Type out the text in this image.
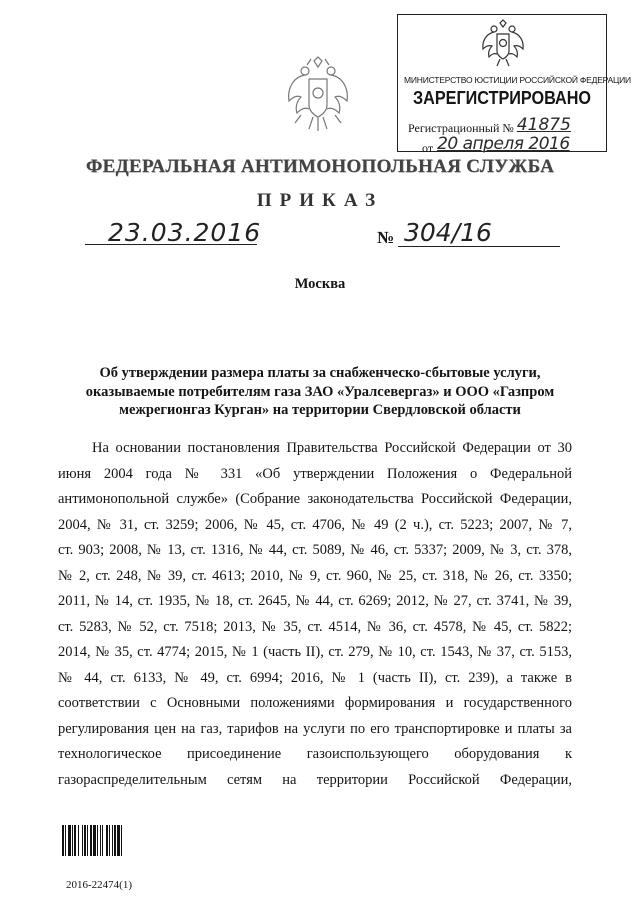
МИНИСТЕРСТВО ЮСТИЦИИ РОССИЙСКОЙ ФЕДЕРАЦИИ
ЗАРЕГИСТРИРОВАНО
Регистрационный № 41875
от 20 апреля 2016
ФЕДЕРАЛЬНАЯ АНТИМОНОПОЛЬНАЯ СЛУЖБА
ПРИКАЗ
23.03.2016	№ 304/16
Москва
Об утверждении размера платы за снабженческо-сбытовые услуги,
оказываемые потребителям газа ЗАО «Уралсевергаз» и ООО «Газпром
межрегионгаз Курган» на территории Свердловской области
На основании постановления Правительства Российской Федерации от 30
июня 2004 года № 331 «Об утверждении Положения о Федеральной
антимонопольной службе» (Собрание законодательства Российской Федерации,
2004, № 31, ст. 3259; 2006, № 45, ст. 4706, № 49 (2 ч.), ст. 5223; 2007, № 7,
ст. 903; 2008, № 13, ст. 1316, № 44, ст. 5089, № 46, ст. 5337; 2009, № 3, ст. 378,
№ 2, ст. 248, № 39, ст. 4613; 2010, № 9, ст. 960, № 25, ст. 318, № 26, ст. 3350;
2011, № 14, ст. 1935, № 18, ст. 2645, № 44, ст. 6269; 2012, № 27, ст. 3741, № 39,
ст. 5283, № 52, ст. 7518; 2013, № 35, ст. 4514, № 36, ст. 4578, № 45, ст. 5822;
2014, № 35, ст. 4774; 2015, № 1 (часть II), ст. 279, № 10, ст. 1543, № 37, ст. 5153,
№ 44, ст. 6133, № 49, ст. 6994; 2016, № 1 (часть II), ст. 239), а также в
соответствии с Основными положениями формирования и государственного
регулирования цен на газ, тарифов на услуги по его транспортировке и платы за
технологическое присоединение газоиспользующего оборудования к
газораспределительным сетям на территории Российской Федерации,
2016-22474(1)
